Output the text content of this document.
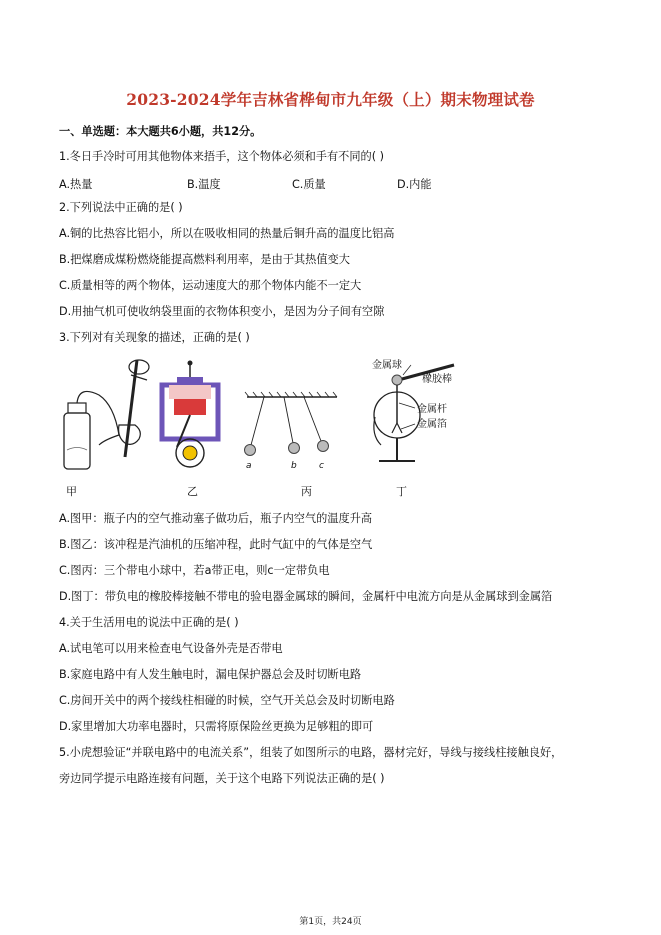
2023-2024学年吉林省桦甸市九年级（上）期末物理试卷
一、单选题：本大题共6小题，共12分。
1.冬日手冷时可用其他物体来捂手，这个物体必须和手有不同的( )
A.热量	B.温度	C.质量	D.内能
2.下列说法中正确的是( )
A.铜的比热容比铝小，所以在吸收相同的热量后铜升高的温度比铝高
B.把煤磨成煤粉燃烧能提高燃料利用率，是由于其热值变大
C.质量相等的两个物体，运动速度大的那个物体内能不一定大
D.用抽气机可使收纳袋里面的衣物体积变小，是因为分子间有空隙
3.下列对有关现象的描述，正确的是( )
甲	乙
a	b c
丙
金属球
橡胶棒
金属杆
金属箔
丁
A.图甲：瓶子内的空气推动塞子做功后，瓶子内空气的温度升高
B.图乙：该冲程是汽油机的压缩冲程，此时气缸中的气体是空气
C.图丙：三个带电小球中，若a带正电，则c一定带负电
D.图丁：带负电的橡胶棒接触不带电的验电器金属球的瞬间，金属杆中电流方向是从金属球到金属箔
4.关于生活用电的说法中正确的是( )
A.试电笔可以用来检查电气设备外壳是否带电
B.家庭电路中有人发生触电时，漏电保护器总会及时切断电路
C.房间开关中的两个接线柱相碰的时候，空气开关总会及时切断电路
D.家里增加大功率电器时，只需将原保险丝更换为足够粗的即可
5.小虎想验证“并联电路中的电流关系”，组装了如图所示的电路，器材完好，导线与接线柱接触良好，
旁边同学提示电路连接有问题，关于这个电路下列说法正确的是( )
第1页，共24页
